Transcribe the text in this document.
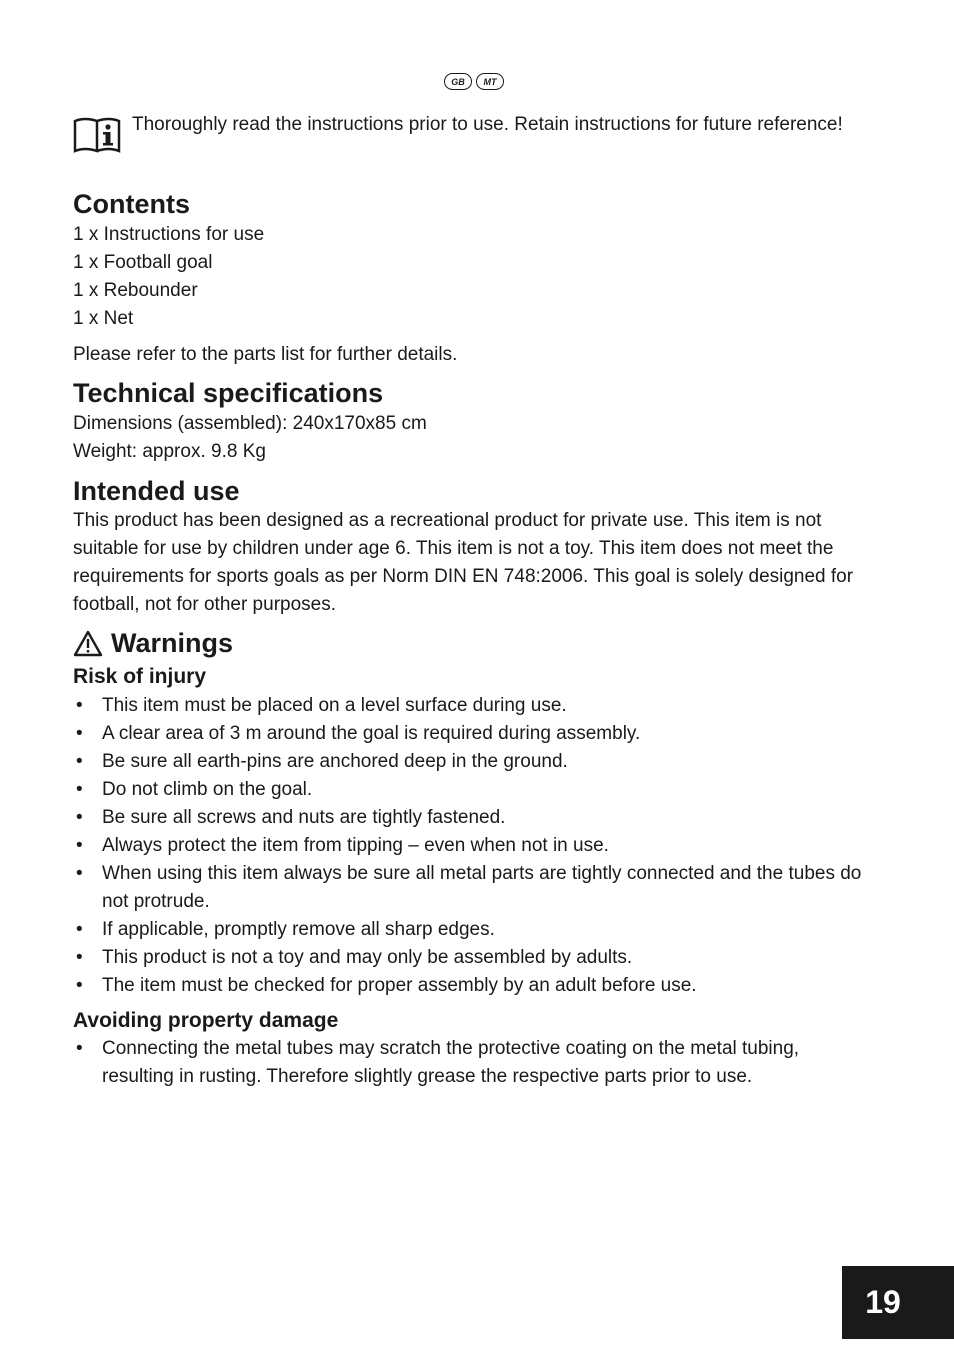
GB	MT
Thoroughly read the instructions prior to use. Retain instructions for future reference!
Contents
1 x Instructions for use
1 x Football goal
1 x Rebounder
1 x Net
Please refer to the parts list for further details.
Technical specifications
Dimensions (assembled): 240x170x85 cm
Weight: approx. 9.8 Kg
Intended use
This product has been designed as a recreational product for private use. This item is not suitable for use by children under age 6. This item is not a toy. This item does not meet the requirements for sports goals as per Norm DIN EN 748:2006. This goal is solely designed for football, not for other purposes.
Warnings
Risk of injury
• This item must be placed on a level surface during use.
• A clear area of 3 m around the goal is required during assembly.
• Be sure all earth-pins are anchored deep in the ground.
• Do not climb on the goal.
• Be sure all screws and nuts are tightly fastened.
• Always protect the item from tipping – even when not in use.
• When using this item always be sure all metal parts are tightly connected and the tubes do not protrude.
• If applicable, promptly remove all sharp edges.
• This product is not a toy and may only be assembled by adults.
• The item must be checked for proper assembly by an adult before use.
Avoiding property damage
• Connecting the metal tubes may scratch the protective coating on the metal tubing, resulting in rusting. Therefore slightly grease the respective parts prior to use.
19
